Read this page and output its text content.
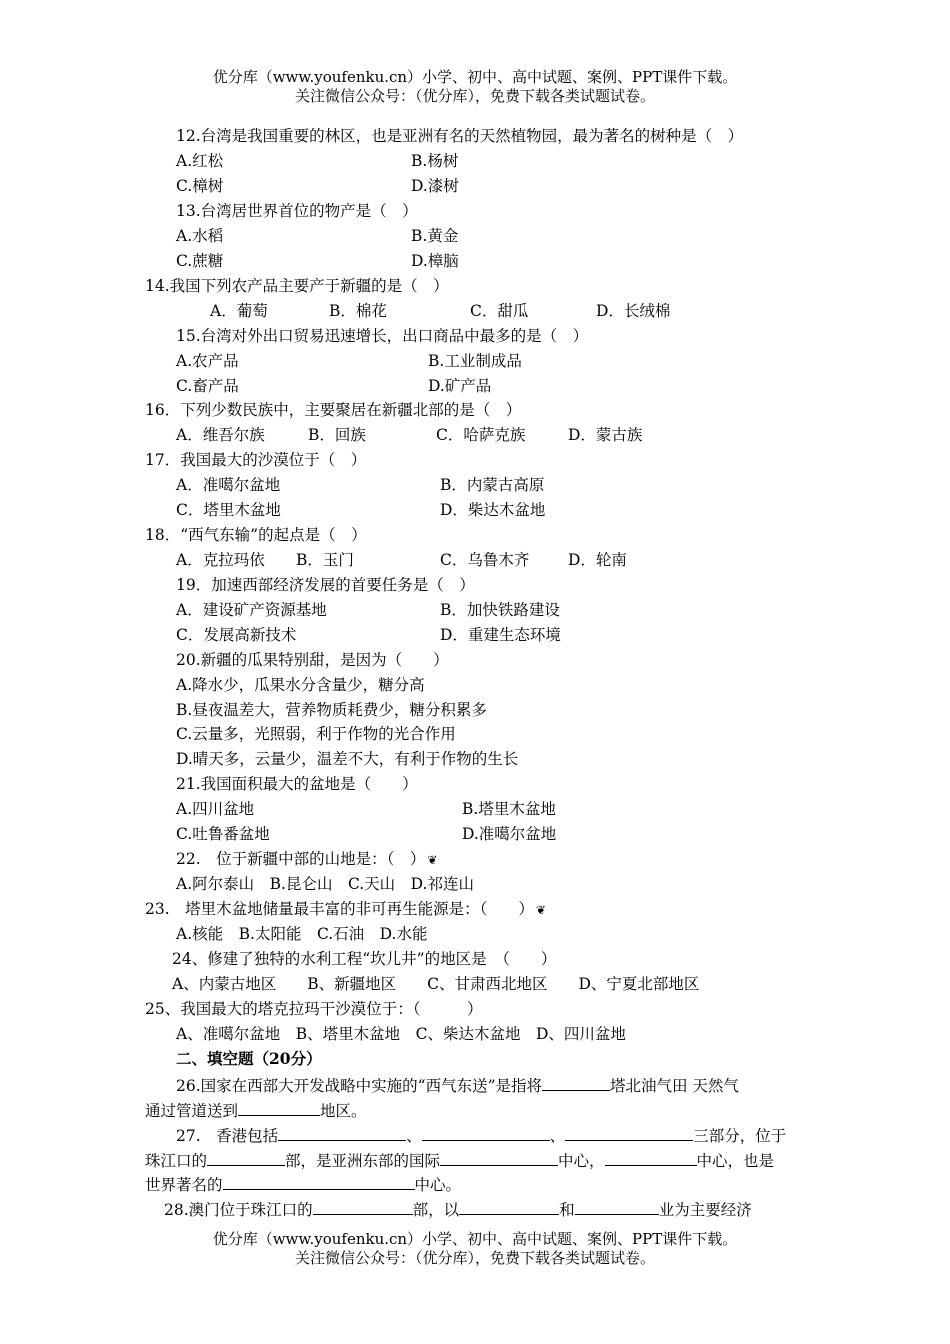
优分库（www.youfenku.cn）小学、初中、高中试题、案例、PPT课件下载。
关注微信公众号：（优分库），免费下载各类试题试卷。
12.台湾是我国重要的林区，也是亚洲有名的天然植物园，最为著名的树种是（　）
A.红松	B.杨树
C.樟树	D.漆树
13.台湾居世界首位的物产是（　）
A.水稻	B.黄金
C.蔗糖	D.樟脑
14.我国下列农产品主要产于新疆的是（　）
A．葡萄	B．棉花	C．甜瓜	D．长绒棉
15.台湾对外出口贸易迅速增长，出口商品中最多的是（　）
A.农产品	B.工业制成品
C.畜产品	D.矿产品
16．下列少数民族中，主要聚居在新疆北部的是（　）
A．维吾尔族	B．回族	C．哈萨克族	D．蒙古族
17．我国最大的沙漠位于（　）
A．准噶尔盆地	B．内蒙古高原
C．塔里木盆地	D．柴达木盆地
18．“西气东输”的起点是（　）
A．克拉玛依 B．玉门	C．乌鲁木齐 D．轮南
19．加速西部经济发展的首要任务是（　）
A．建设矿产资源基地	B．加快铁路建设
C．发展高新技术	D．重建生态环境
20.新疆的瓜果特别甜，是因为（　　）
A.降水少，瓜果水分含量少，糖分高
B.昼夜温差大，营养物质耗费少，糖分积累多
C.云量多，光照弱，利于作物的光合作用
D.晴天多，云量少，温差不大，有利于作物的生长
21.我国面积最大的盆地是（　　）
A.四川盆地	B.塔里木盆地
C.吐鲁番盆地	D.准噶尔盆地
22.　位于新疆中部的山地是：（　） ❦
A.阿尔泰山　B.昆仑山　C.天山　D.祁连山
23.　塔里木盆地储量最丰富的非可再生能源是：（　　） ❦
A.核能　B.太阳能　C.石油　D.水能
24、修建了独特的水利工程“坎儿井”的地区是　（　　）
A、内蒙古地区　　B、新疆地区　　C、甘肃西北地区　　D、宁夏北部地区
25、我国最大的塔克拉玛干沙漠位于：（　　　）
A、准噶尔盆地　B、塔里木盆地　C、柴达木盆地　D、四川盆地
二、填空题（20分）
26.国家在西部大开发战略中实施的“西气东送”是指将	塔北油气田 天然气
通过管道送到	地区。
27.　香港包括	、	、	三部分，位于
珠江口的	部，是亚洲东部的国际	中心，	中心，也是
世界著名的	中心。
28.澳门位于珠江口的	部，以	和	业为主要经济
优分库（www.youfenku.cn）小学、初中、高中试题、案例、PPT课件下载。
关注微信公众号：（优分库），免费下载各类试题试卷。
